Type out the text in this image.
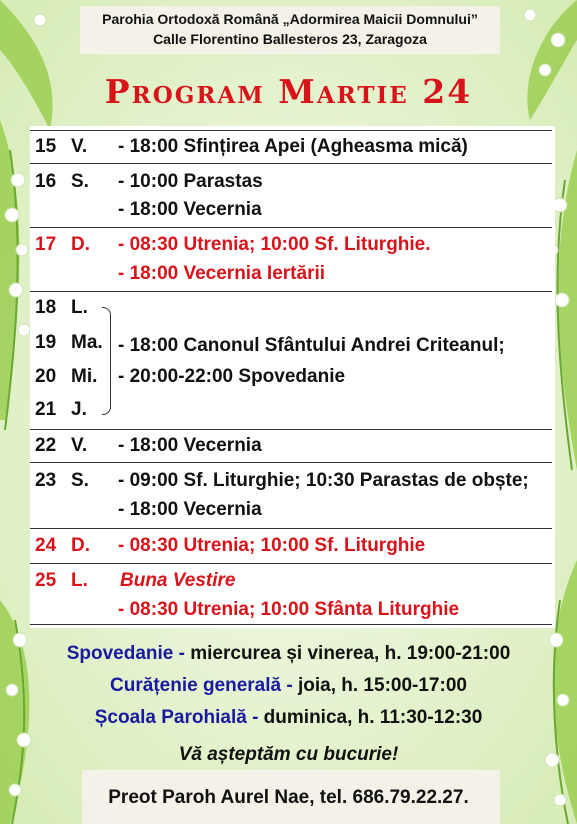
Parohia Ortodoxă Română „Adormirea Maicii Domnului”
Calle Florentino Ballesteros 23, Zaragoza
Program Martie 24
15 V. - 18:00 Sfințirea Apei (Agheasma mică)
16 S. - 10:00 Parastas
- 18:00 Vecernia
17 D. - 08:30 Utrenia; 10:00 Sf. Liturghie.
- 18:00 Vecernia Iertării
18 L.
19 Ma.
20 Mi.
21 J.
- 18:00 Canonul Sfântului Andrei Criteanul;
- 20:00-22:00 Spovedanie
22 V. - 18:00 Vecernia
23 S. - 09:00 Sf. Liturghie; 10:30 Parastas de obște;
- 18:00 Vecernia
24 D. - 08:30 Utrenia; 10:00 Sf. Liturghie
25 L. Buna Vestire
- 08:30 Utrenia; 10:00 Sfânta Liturghie
Spovedanie - miercurea și vinerea, h. 19:00-21:00
Curățenie generală - joia, h. 15:00-17:00
Școala Parohială - duminica, h. 11:30-12:30
Vă așteptăm cu bucurie!
Preot Paroh Aurel Nae, tel. 686.79.22.27.
